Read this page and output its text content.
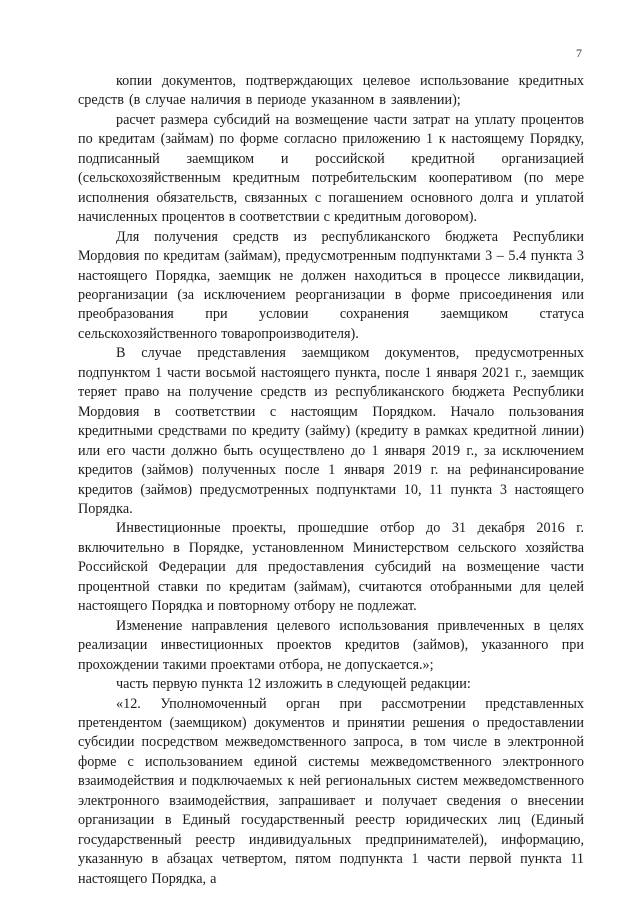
7

копии документов, подтверждающих целевое использование кредитных средств (в случае наличия в периоде указанном в заявлении);

расчет размера субсидий на возмещение части затрат на уплату процентов по кредитам (займам) по форме согласно приложению 1 к настоящему Порядку, подписанный заемщиком и российской кредитной организацией (сельскохозяйственным кредитным потребительским кооперативом (по мере исполнения обязательств, связанных с погашением основного долга и уплатой начисленных процентов в соответствии с кредитным договором).

Для получения средств из республиканского бюджета Республики Мордовия по кредитам (займам), предусмотренным подпунктами 3 – 5.4 пункта 3 настоящего Порядка, заемщик не должен находиться в процессе ликвидации, реорганизации (за исключением реорганизации в форме присоединения или преобразования при условии сохранения заемщиком статуса сельскохозяйственного товаропроизводителя).

В случае представления заемщиком документов, предусмотренных подпунктом 1 части восьмой настоящего пункта, после 1 января 2021 г., заемщик теряет право на получение средств из республиканского бюджета Республики Мордовия в соответствии с настоящим Порядком. Начало пользования кредитными средствами по кредиту (займу) (кредиту в рамках кредитной линии) или его части должно быть осуществлено до 1 января 2019 г., за исключением кредитов (займов) полученных после 1 января 2019 г. на рефинансирование кредитов (займов) предусмотренных подпунктами 10, 11 пункта 3 настоящего Порядка.

Инвестиционные проекты, прошедшие отбор до 31 декабря 2016 г. включительно в Порядке, установленном Министерством сельского хозяйства Российской Федерации для предоставления субсидий на возмещение части процентной ставки по кредитам (займам), считаются отобранными для целей настоящего Порядка и повторному отбору не подлежат.

Изменение направления целевого использования привлеченных в целях реализации инвестиционных проектов кредитов (займов), указанного при прохождении такими проектами отбора, не допускается.»;

часть первую пункта 12 изложить в следующей редакции:

«12. Уполномоченный орган при рассмотрении представленных претендентом (заемщиком) документов и принятии решения о предоставлении субсидии посредством межведомственного запроса, в том числе в электронной форме с использованием единой системы межведомственного электронного взаимодействия и подключаемых к ней региональных систем межведомственного электронного взаимодействия, запрашивает и получает сведения о внесении организации в Единый государственный реестр юридических лиц (Единый государственный реестр индивидуальных предпринимателей), информацию, указанную в абзацах четвертом, пятом подпункта 1 части первой пункта 11 настоящего Порядка, а
